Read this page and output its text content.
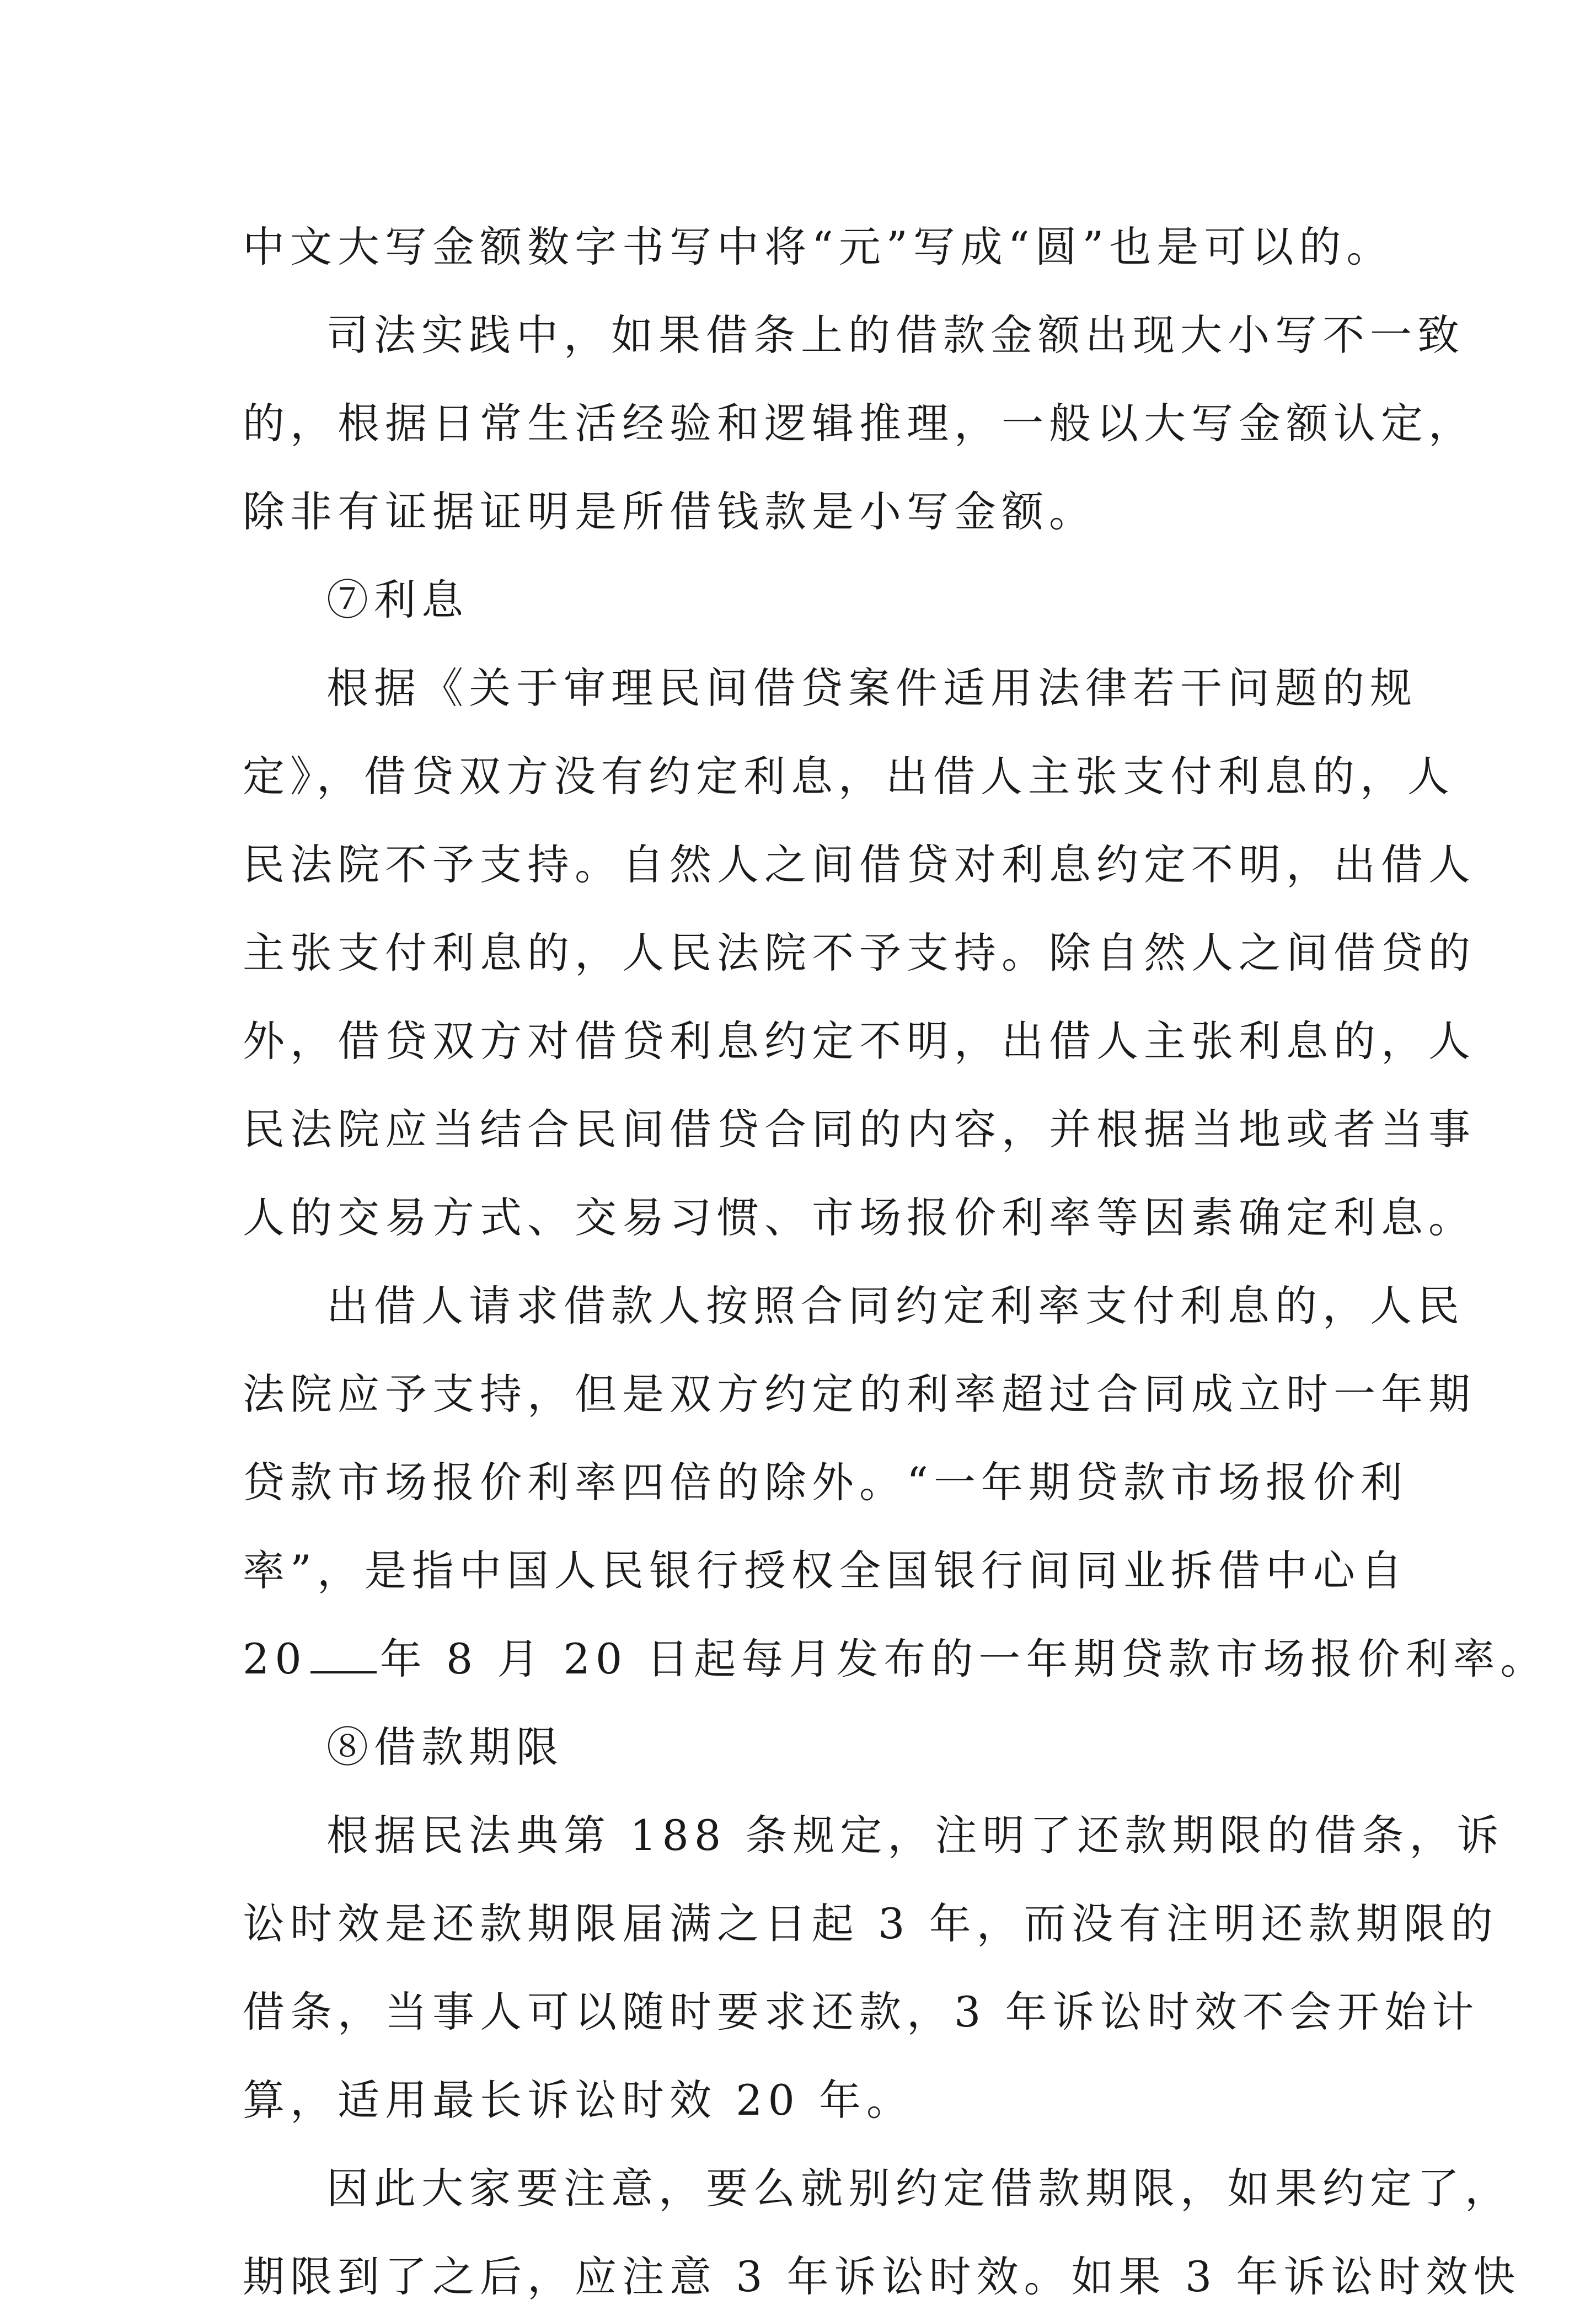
中文大写金额数字书写中将“元”写成“圆”也是可以的。
司法实践中，如果借条上的借款金额出现大小写不一致
的，根据日常生活经验和逻辑推理，一般以大写金额认定，
除非有证据证明是所借钱款是小写金额。
⑦利息
根据《关于审理民间借贷案件适用法律若干问题的规
定》，借贷双方没有约定利息，出借人主张支付利息的，人
民法院不予支持。自然人之间借贷对利息约定不明，出借人
主张支付利息的，人民法院不予支持。除自然人之间借贷的
外，借贷双方对借贷利息约定不明，出借人主张利息的，人
民法院应当结合民间借贷合同的内容，并根据当地或者当事
人的交易方式、交易习惯、市场报价利率等因素确定利息。
出借人请求借款人按照合同约定利率支付利息的，人民
法院应予支持，但是双方约定的利率超过合同成立时一年期
贷款市场报价利率四倍的除外。“一年期贷款市场报价利
率”，是指中国人民银行授权全国银行间同业拆借中心自
20 年 8 月 20 日起每月发布的一年期贷款市场报价利率。
⑧借款期限
根据民法典第 188 条规定，注明了还款期限的借条，诉
讼时效是还款期限届满之日起 3 年，而没有注明还款期限的
借条，当事人可以随时要求还款，3 年诉讼时效不会开始计
算，适用最长诉讼时效 20 年。
因此大家要注意，要么就别约定借款期限，如果约定了，
期限到了之后，应注意 3 年诉讼时效。如果 3 年诉讼时效快
